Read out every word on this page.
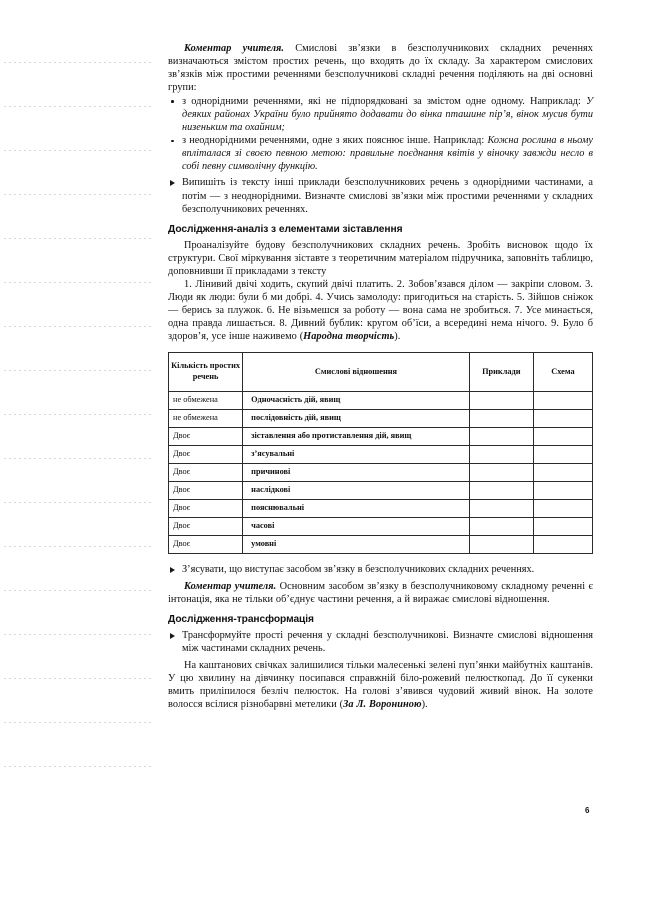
Коментар учителя. Смислові зв’язки в безсполучникових складних реченнях визначаються змістом простих речень, що входять до їх складу. За характером смислових зв’язків між простими реченнями безсполучникові складні речення поділяють на дві основні групи:

з однорідними реченнями, які не підпорядковані за змістом одне одному. Наприклад: У деяких районах України було прийнято додавати до вінка пташине пір’я, вінок мусив бути низеньким та охайним;
з неоднорідними реченнями, одне з яких пояснює інше. Наприклад: Кожна рослина в ньому впліталася зі своєю певною метою: правильне поєднання квітів у віночку завжди несло в собі певну символічну функцію.
Випишіть із тексту інші приклади безсполучникових речень з однорідними частинами, а потім — з неоднорідними. Визначте смислові зв’язки між простими реченнями у складних безсполучникових реченнях.
Дослідження-аналіз з елементами зіставлення

Проаналізуйте будову безсполучникових складних речень. Зробіть висновок щодо їх структури. Свої міркування зіставте з теоретичним матеріалом підручника, заповніть таблицю, доповнивши її прикладами з тексту

1. Лінивий двічі ходить, скупий двічі платить. 2. Зобов’язався ділом — закріпи словом. 3. Люди як люди: були б ми добрі. 4. Учись замолоду: пригодиться на старість. 5. Зійшов сніжок — берись за плужок. 6. Не візьмешся за роботу — вона сама не зробиться. 7. Усе минається, одна правда лишається. 8. Дивний бублик: кругом об’їси, а всередині нема нічого. 9. Було б здоров’я, усе інше наживемо (Народна творчість).

Кількість простих речень	Смислові відношення	Приклади	Схема
не обмежена	Одночасність дій, явищ		
не обмежена	послідовність дій, явищ		
Двоє	зіставлення або протиставлення дій, явищ		
Двоє	з’ясувальні		
Двоє	причинові		
Двоє	наслідкові		
Двоє	пояснювальні		
Двоє	часові		
Двоє	умовні		
З’ясувати, що виступає засобом зв’язку в безсполучникових складних реченнях.

Коментар учителя. Основним засобом зв’язку в безсполучниковому складному реченні є інтонація, яка не тільки об’єднує частини речення, а й виражає смислові відношення.

Дослідження-трансформація
Трансформуйте прості речення у складні безсполучникові. Визначте смислові відношення між частинами складних речень.

На каштанових свічках залишилися тільки малесенькі зелені пуп’янки майбутніх каштанів. У цю хвилину на дівчинку посипався справжній біло-рожевий пелюсткопад. До її сукенки вмить приліпилося безліч пелюсток. На голові з’явився чудовий живий вінок. На золоте волосся всілися різнобарвні метелики (За Л. Ворониною).

6
